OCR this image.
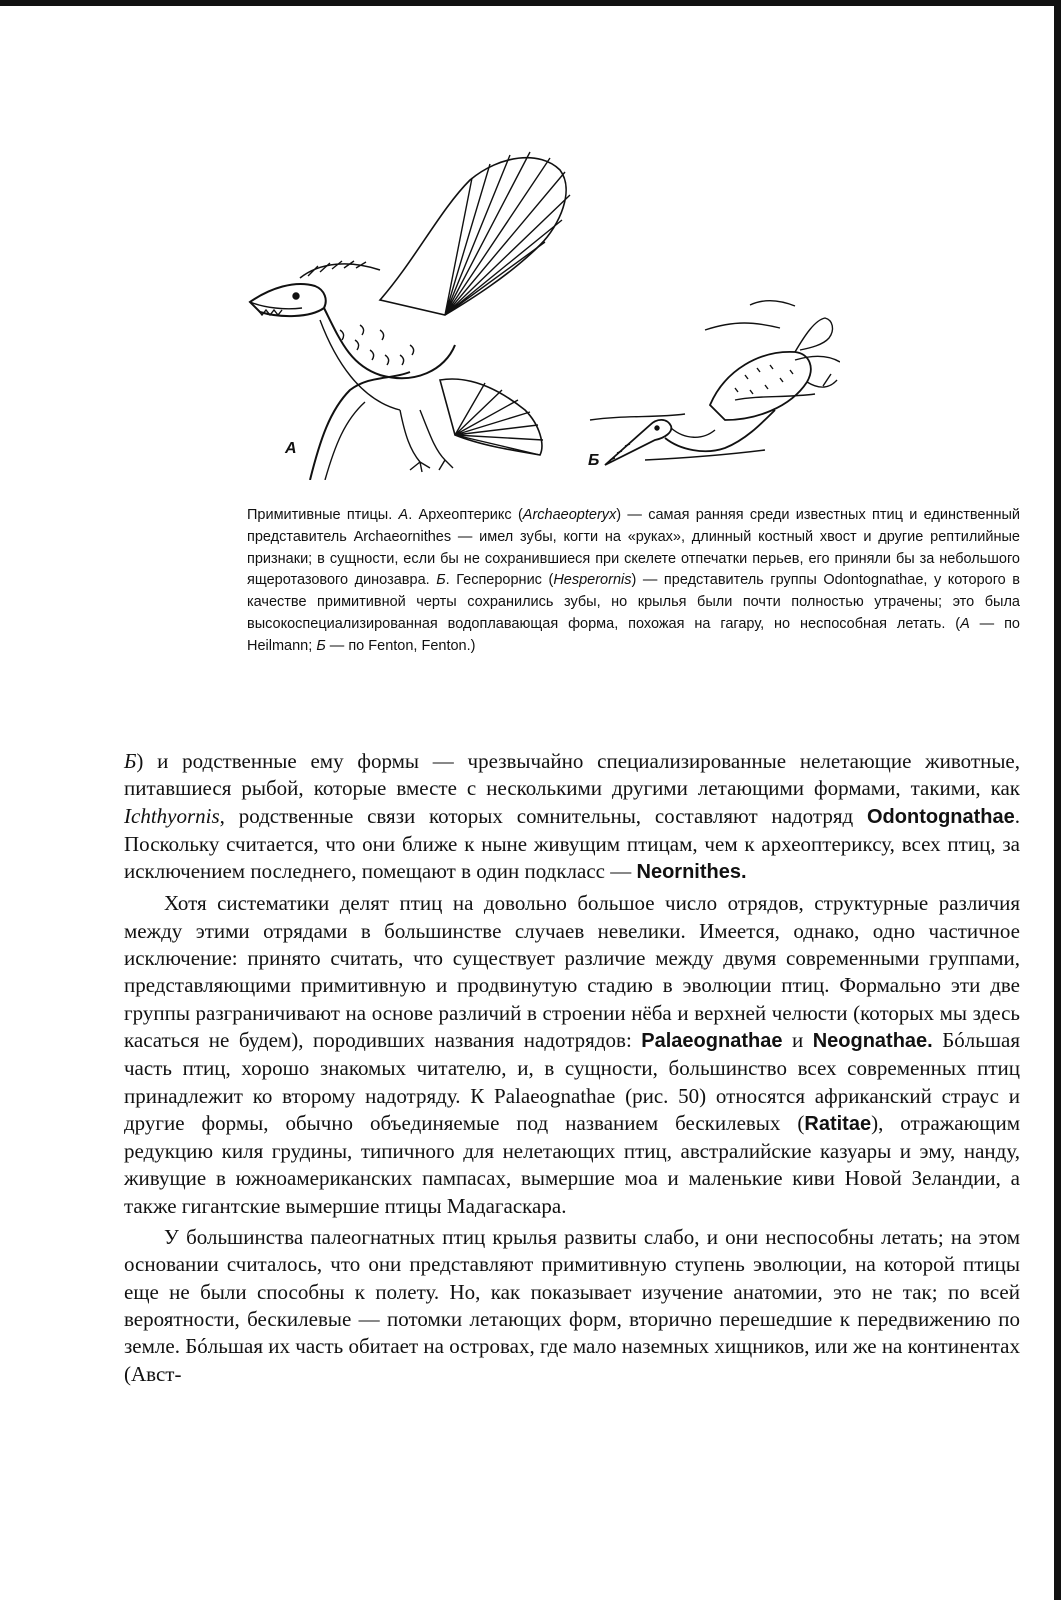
А
Б

Примитивные птицы. А. Археоптерикс (Archaeopteryx) — самая ранняя среди известных птиц и единственный представитель Archaeornithes — имел зубы, когти на «руках», длинный костный хвост и другие рептилийные признаки; в сущности, если бы не сохранившиеся при скелете отпечатки перьев, его приняли бы за небольшого ящеротазового динозавра. Б. Гесперорнис (Hesperornis) — представитель группы Odontognathae, у которого в качестве примитивной черты сохранились зубы, но крылья были почти полностью утрачены; это была высокоспециализированная водоплавающая форма, похожая на гагару, но неспособная летать. (А — по Heilmann; Б — по Fenton, Fenton.)

Б) и родственные ему формы — чрезвычайно специализированные нелетающие животные, питавшиеся рыбой, которые вместе с несколькими другими летающими формами, такими, как Ichthyornis, родственные связи которых сомнительны, составляют надотряд Odontognathae. Поскольку считается, что они ближе к ныне живущим птицам, чем к археоптериксу, всех птиц, за исключением последнего, помещают в один подкласс — Neornithes.

Хотя систематики делят птиц на довольно большое число отрядов, структурные различия между этими отрядами в большинстве случаев невелики. Имеется, однако, одно частичное исключение: принято считать, что существует различие между двумя современными группами, представляющими примитивную и продвинутую стадию в эволюции птиц. Формально эти две группы разграничивают на основе различий в строении нёба и верхней челюсти (которых мы здесь касаться не будем), породивших названия надотрядов: Palaeognathae и Neognathae. Бóльшая часть птиц, хорошо знакомых читателю, и, в сущности, большинство всех современных птиц принадлежит ко второму надотряду. К Palaeognathae (рис. 50) относятся африканский страус и другие формы, обычно объединяемые под названием бескилевых (Ratitae), отражающим редукцию киля грудины, типичного для нелетающих птиц, австралийские казуары и эму, нанду, живущие в южноамериканских пампасах, вымершие моа и маленькие киви Новой Зеландии, а также гигантские вымершие птицы Мадагаскара.

У большинства палеогнатных птиц крылья развиты слабо, и они неспособны летать; на этом основании считалось, что они представляют примитивную ступень эволюции, на которой птицы еще не были способны к полету. Но, как показывает изучение анатомии, это не так; по всей вероятности, бескилевые — потомки летающих форм, вторично перешедшие к передвижению по земле. Бóльшая их часть обитает на островах, где мало наземных хищников, или же на континентах (Авст-
